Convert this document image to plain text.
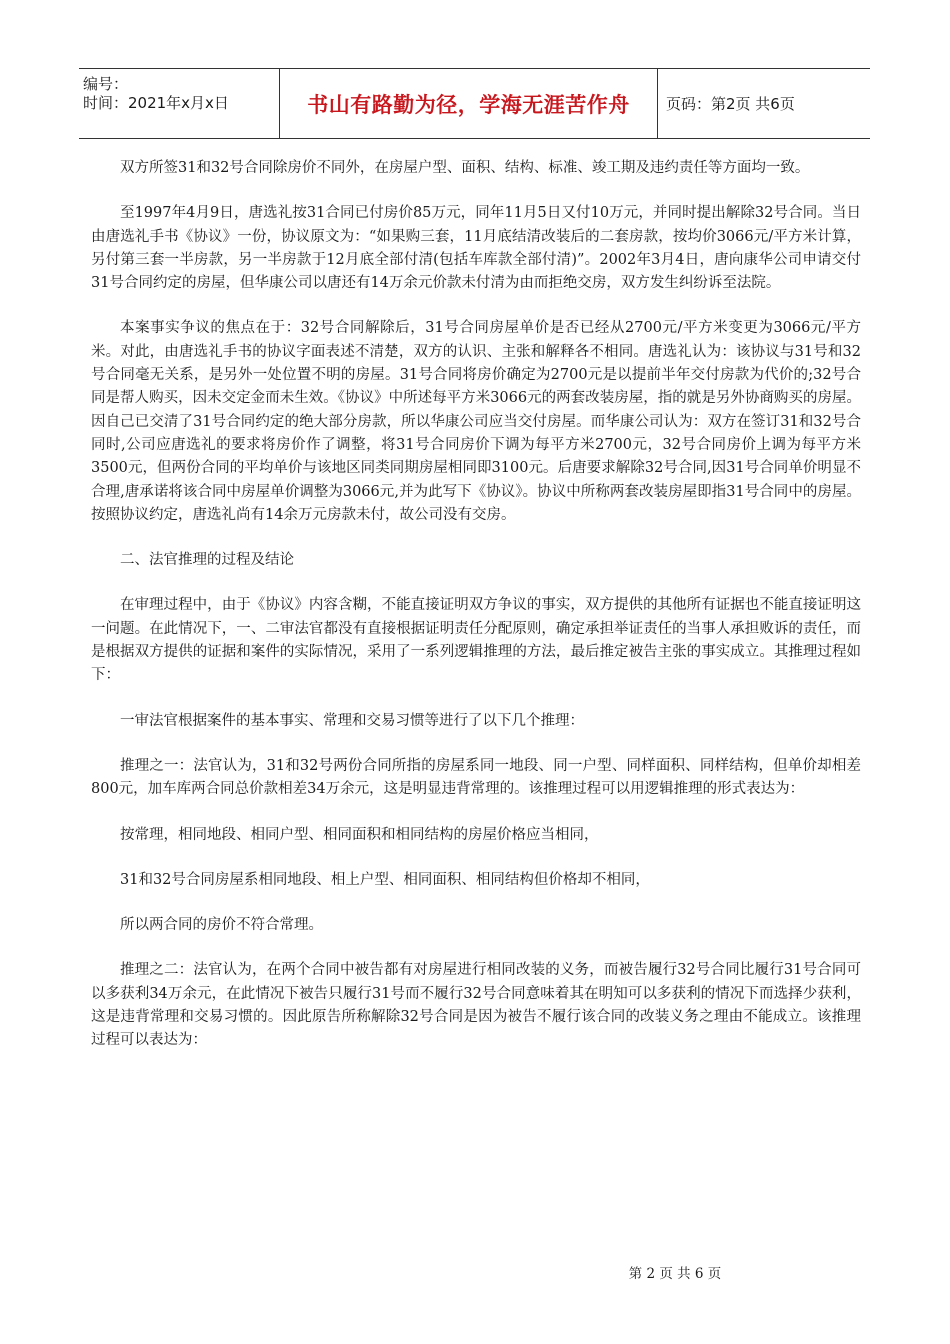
编号：
时间：2021年x月x日	书山有路勤为径，学海无涯苦作舟	页码：第2页 共6页

双方所签31和32号合同除房价不同外，在房屋户型、面积、结构、标准、竣工期及违约责任等方面均一致。

至1997年4月9日，唐选礼按31合同已付房价85万元，同年11月5日又付10万元，并同时提出解除32号合同。当日由唐选礼手书《协议》一份，协议原文为：“如果购三套，11月底结清改装后的二套房款，按均价3066元/平方米计算，另付第三套一半房款，另一半房款于12月底全部付清(包括车库款全部付清)”。2002年3月4日，唐向康华公司申请交付31号合同约定的房屋，但华康公司以唐还有14万余元价款未付清为由而拒绝交房，双方发生纠纷诉至法院。

本案事实争议的焦点在于：32号合同解除后，31号合同房屋单价是否已经从2700元/平方米变更为3066元/平方米。对此，由唐选礼手书的协议字面表述不清楚，双方的认识、主张和解释各不相同。唐选礼认为：该协议与31号和32号合同毫无关系，是另外一处位置不明的房屋。31号合同将房价确定为2700元是以提前半年交付房款为代价的;32号合同是帮人购买，因未交定金而未生效。《协议》中所述每平方米3066元的两套改装房屋，指的就是另外协商购买的房屋。因自己已交清了31号合同约定的绝大部分房款，所以华康公司应当交付房屋。而华康公司认为：双方在签订31和32号合同时,公司应唐选礼的要求将房价作了调整，将31号合同房价下调为每平方米2700元，32号合同房价上调为每平方米3500元，但两份合同的平均单价与该地区同类同期房屋相同即3100元。后唐要求解除32号合同,因31号合同单价明显不合理,唐承诺将该合同中房屋单价调整为3066元,并为此写下《协议》。协议中所称两套改装房屋即指31号合同中的房屋。按照协议约定，唐选礼尚有14余万元房款未付，故公司没有交房。

二、法官推理的过程及结论

在审理过程中，由于《协议》内容含糊，不能直接证明双方争议的事实，双方提供的其他所有证据也不能直接证明这一问题。在此情况下，一、二审法官都没有直接根据证明责任分配原则，确定承担举证责任的当事人承担败诉的责任，而是根据双方提供的证据和案件的实际情况，采用了一系列逻辑推理的方法，最后推定被告主张的事实成立。其推理过程如下：

一审法官根据案件的基本事实、常理和交易习惯等进行了以下几个推理：

推理之一：法官认为，31和32号两份合同所指的房屋系同一地段、同一户型、同样面积、同样结构，但单价却相差800元，加车库两合同总价款相差34万余元，这是明显违背常理的。该推理过程可以用逻辑推理的形式表达为：

按常理，相同地段、相同户型、相同面积和相同结构的房屋价格应当相同，

31和32号合同房屋系相同地段、相上户型、相同面积、相同结构但价格却不相同，

所以两合同的房价不符合常理。

推理之二：法官认为，在两个合同中被告都有对房屋进行相同改装的义务，而被告履行32号合同比履行31号合同可以多获利34万余元，在此情况下被告只履行31号而不履行32号合同意味着其在明知可以多获利的情况下而选择少获利，这是违背常理和交易习惯的。因此原告所称解除32号合同是因为被告不履行该合同的改装义务之理由不能成立。该推理过程可以表达为：

第 2 页 共 6 页
